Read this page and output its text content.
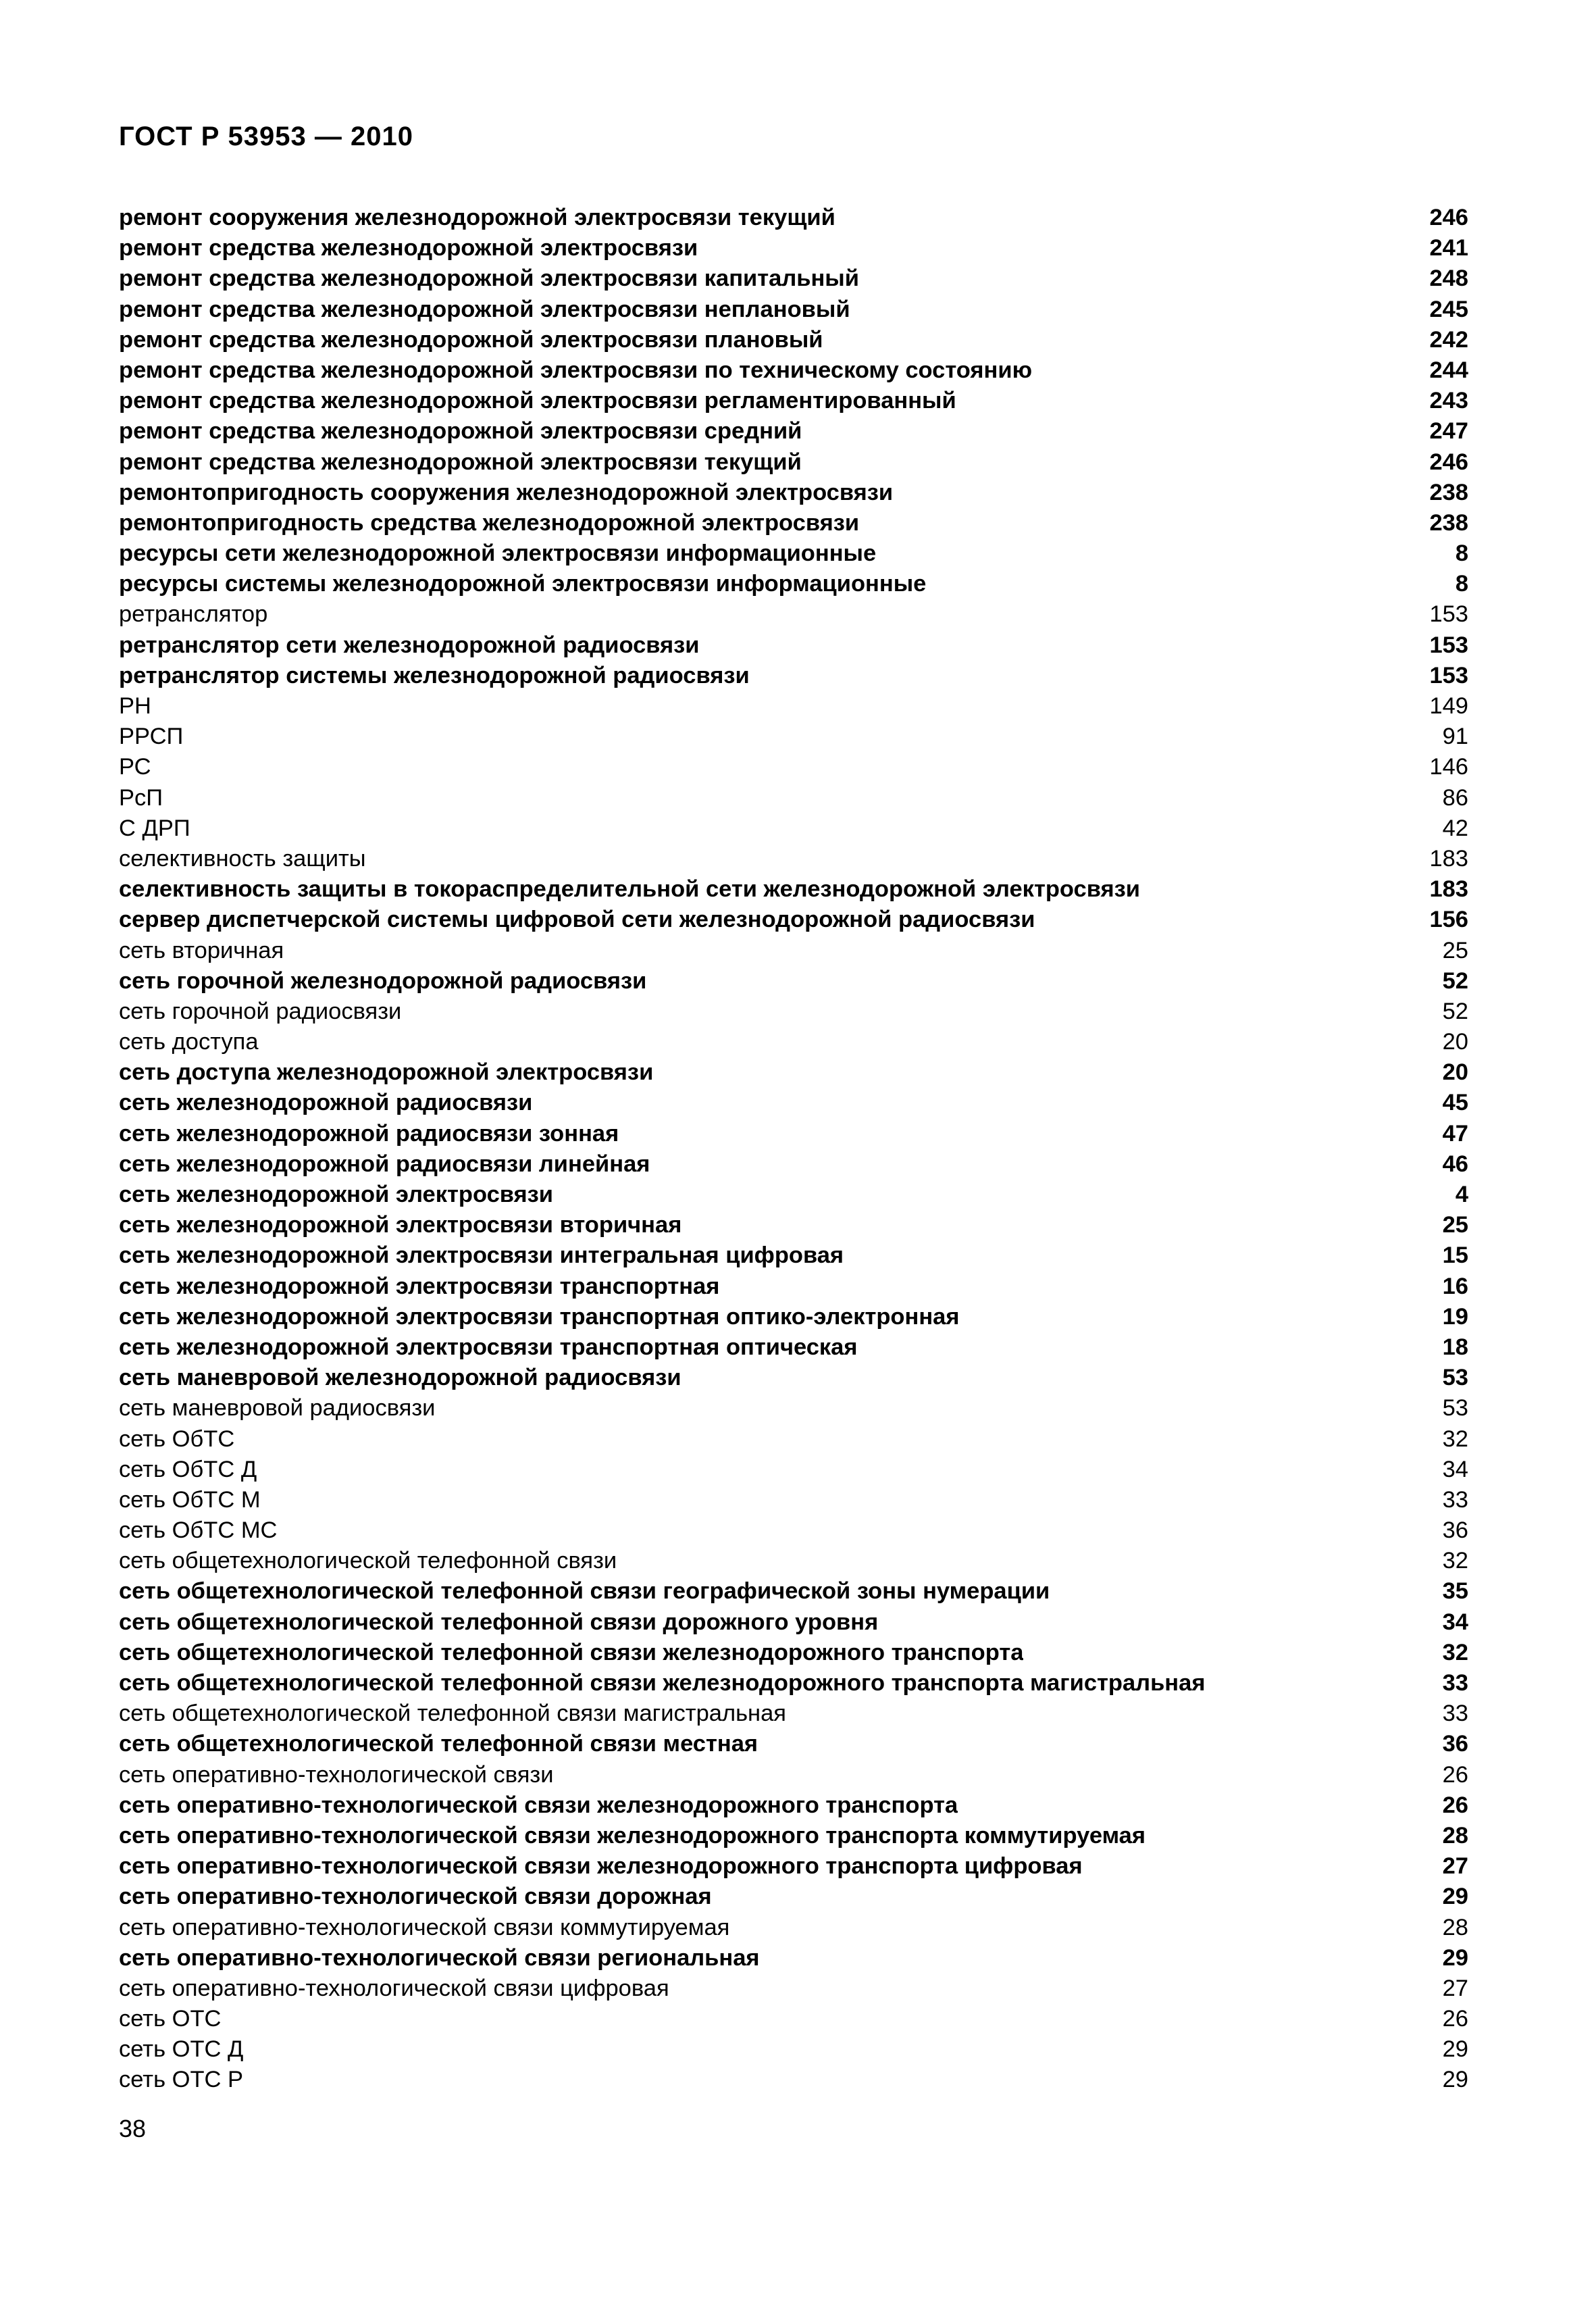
ГОСТ Р 53953 — 2010
ремонт сооружения железнодорожной электросвязи текущий	246
ремонт средства железнодорожной электросвязи	241
ремонт средства железнодорожной электросвязи капитальный	248
ремонт средства железнодорожной электросвязи неплановый	245
ремонт средства железнодорожной электросвязи плановый	242
ремонт средства железнодорожной электросвязи по техническому состоянию	244
ремонт средства железнодорожной электросвязи регламентированный	243
ремонт средства железнодорожной электросвязи средний	247
ремонт средства железнодорожной электросвязи текущий	246
ремонтопригодность сооружения железнодорожной электросвязи	238
ремонтопригодность средства железнодорожной электросвязи	238
ресурсы сети железнодорожной электросвязи информационные	8
ресурсы системы железнодорожной электросвязи информационные	8
ретранслятор	153
ретранслятор сети железнодорожной радиосвязи	153
ретранслятор системы железнодорожной радиосвязи	153
РН	149
РРСП	91
РС	146
РсП	86
С ДРП	42
селективность защиты	183
селективность защиты в токораспределительной сети железнодорожной электросвязи	183
сервер диспетчерской системы цифровой сети железнодорожной радиосвязи	156
сеть вторичная	25
сеть горочной железнодорожной радиосвязи	52
сеть горочной радиосвязи	52
сеть доступа	20
сеть доступа железнодорожной электросвязи	20
сеть железнодорожной радиосвязи	45
сеть железнодорожной радиосвязи зонная	47
сеть железнодорожной радиосвязи линейная	46
сеть железнодорожной электросвязи	4
сеть железнодорожной электросвязи вторичная	25
сеть железнодорожной электросвязи интегральная цифровая	15
сеть железнодорожной электросвязи транспортная	16
сеть железнодорожной электросвязи транспортная оптико-электронная	19
сеть железнодорожной электросвязи транспортная оптическая	18
сеть маневровой железнодорожной радиосвязи	53
сеть маневровой радиосвязи	53
сеть ОбТС	32
сеть ОбТС Д	34
сеть ОбТС М	33
сеть ОбТС МС	36
сеть общетехнологической телефонной связи	32
сеть общетехнологической телефонной связи географической зоны нумерации	35
сеть общетехнологической телефонной связи дорожного уровня	34
сеть общетехнологической телефонной связи железнодорожного транспорта	32
сеть общетехнологической телефонной связи железнодорожного транспорта магистральная	33
сеть общетехнологической телефонной связи магистральная	33
сеть общетехнологической телефонной связи местная	36
сеть оперативно-технологической связи	26
сеть оперативно-технологической связи железнодорожного транспорта	26
сеть оперативно-технологической связи железнодорожного транспорта коммутируемая	28
сеть оперативно-технологической связи железнодорожного транспорта цифровая	27
сеть оперативно-технологической связи дорожная	29
сеть оперативно-технологической связи коммутируемая	28
сеть оперативно-технологической связи региональная	29
сеть оперативно-технологической связи цифровая	27
сеть ОТС	26
сеть ОТС Д	29
сеть ОТС Р	29
38
